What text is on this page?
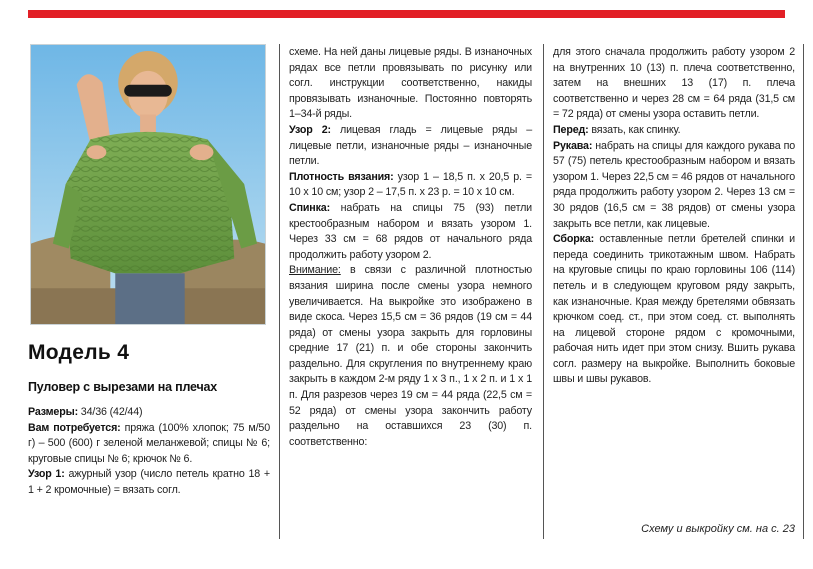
Модель 4
Пуловер с вырезами на плечах

Размеры: 34/36 (42/44)

Вам потребуется: пряжа (100% хлопок; 75 м/50 г) – 500 (600) г зеленой меланжевой; спицы № 6; круговые спицы № 6; крючок № 6.

Узор 1: ажурный узор (число петель кратно 18 + 1 + 2 кромочные) = вязать согл.

схеме. На ней даны лицевые ряды. В изнаночных рядах все петли провязывать по рисунку или согл. инструкции соответственно, накиды провязывать изнаночные. Постоянно повторять 1–34-й ряды.

Узор 2: лицевая гладь = лицевые ряды – лицевые петли, изнаночные ряды – изнаночные петли.

Плотность вязания: узор 1 – 18,5 п. х 20,5 р. = 10 х 10 см; узор 2 – 17,5 п. х 23 р. = 10 х 10 см.

Спинка: набрать на спицы 75 (93) петли крестообразным набором и вязать узором 1. Через 33 см = 68 рядов от начального ряда продолжить работу узором 2.

Внимание: в связи с различной плотностью вязания ширина после смены узора немного увеличивается. На выкройке это изображено в виде скоса. Через 15,5 см = 36 рядов (19 см = 44 ряда) от смены узора закрыть для горловины средние 17 (21) п. и обе стороны закончить раздельно. Для скругления по внутреннему краю закрыть в каждом 2-м ряду 1 х 3 п., 1 х 2 п. и 1 х 1 п. Для разрезов через 19 см = 44 ряда (22,5 см = 52 ряда) от смены узора закончить работу раздельно на оставшихся 23 (30) п. соответственно:

для этого сначала продолжить работу узором 2 на внутренних 10 (13) п. плеча соответственно, затем на внешних 13 (17) п. плеча соответственно и через 28 см = 64 ряда (31,5 см = 72 ряда) от смены узора оставить петли.

Перед: вязать, как спинку.

Рукава: набрать на спицы для каждого рукава по 57 (75) петель крестообразным набором и вязать узором 1. Через 22,5 см = 46 рядов от начального ряда продолжить работу узором 2. Через 13 см = 30 рядов (16,5 см = 38 рядов) от смены узора закрыть все петли, как лицевые.

Сборка: оставленные петли бретелей спинки и переда соединить трикотажным швом. Набрать на круговые спицы по краю горловины 106 (114) петель и в следующем круговом ряду закрыть, как изнаночные. Края между бретелями обвязать крючком соед. ст., при этом соед. ст. выполнять на лицевой стороне рядом с кромочными, рабочая нить идет при этом снизу. Вшить рукава согл. размеру на выкройке. Выполнить боковые швы и швы рукавов.

Схему и выкройку см. на с. 23
